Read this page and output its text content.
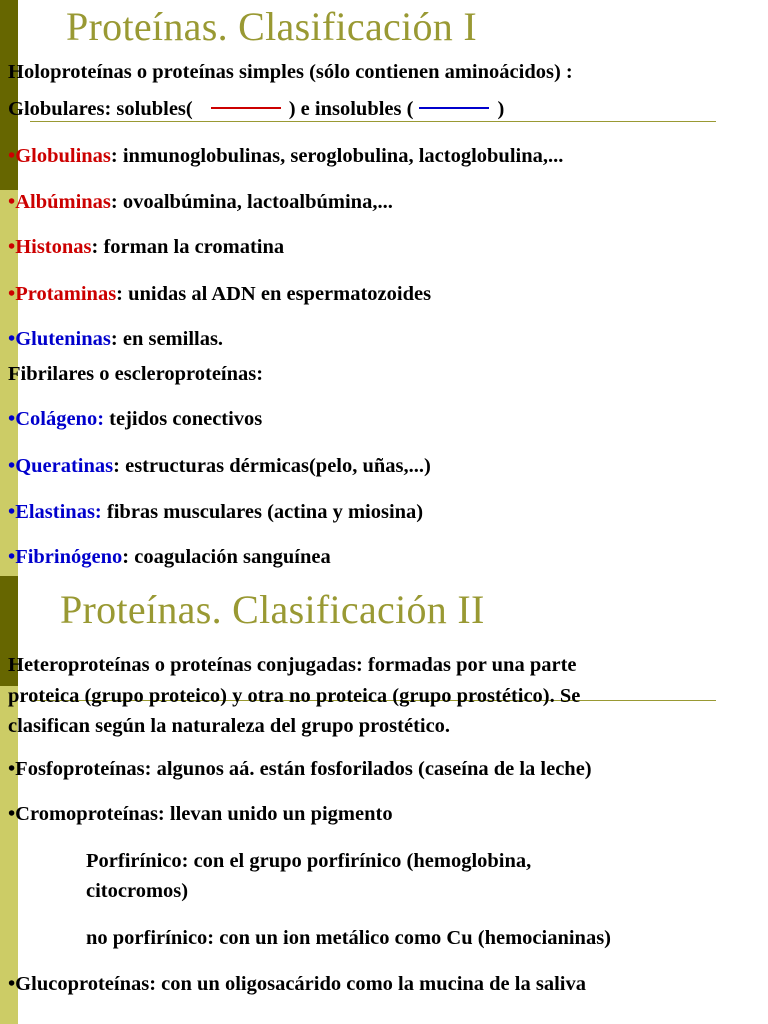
Proteínas. Clasificación I
Holoproteínas o proteínas simples (sólo contienen aminoácidos) :
Globulares: solubles(	) e insolubles (	)
•Globulinas: inmunoglobulinas, seroglobulina, lactoglobulina,...
•Albúminas: ovoalbúmina, lactoalbúmina,...
•Histonas: forman la cromatina
•Protaminas: unidas al ADN en espermatozoides
•Gluteninas: en semillas.
Fibrilares o escleroproteínas:
•Colágeno: tejidos conectivos
•Queratinas: estructuras dérmicas(pelo, uñas,...)
•Elastinas: fibras musculares (actina y miosina)
•Fibrinógeno: coagulación sanguínea
Proteínas. Clasificación II
Heteroproteínas o proteínas conjugadas: formadas por una parte
proteica (grupo proteico) y otra no proteica (grupo prostético). Se
clasifican según la naturaleza del grupo prostético.
•Fosfoproteínas: algunos aá. están fosforilados (caseína de la leche)
•Cromoproteínas: llevan unido un pigmento
Porfirínico: con el grupo porfirínico (hemoglobina,
citocromos)
no porfirínico: con un ion metálico como Cu (hemocianinas)
•Glucoproteínas: con un oligosacárido como la mucina de la saliva
